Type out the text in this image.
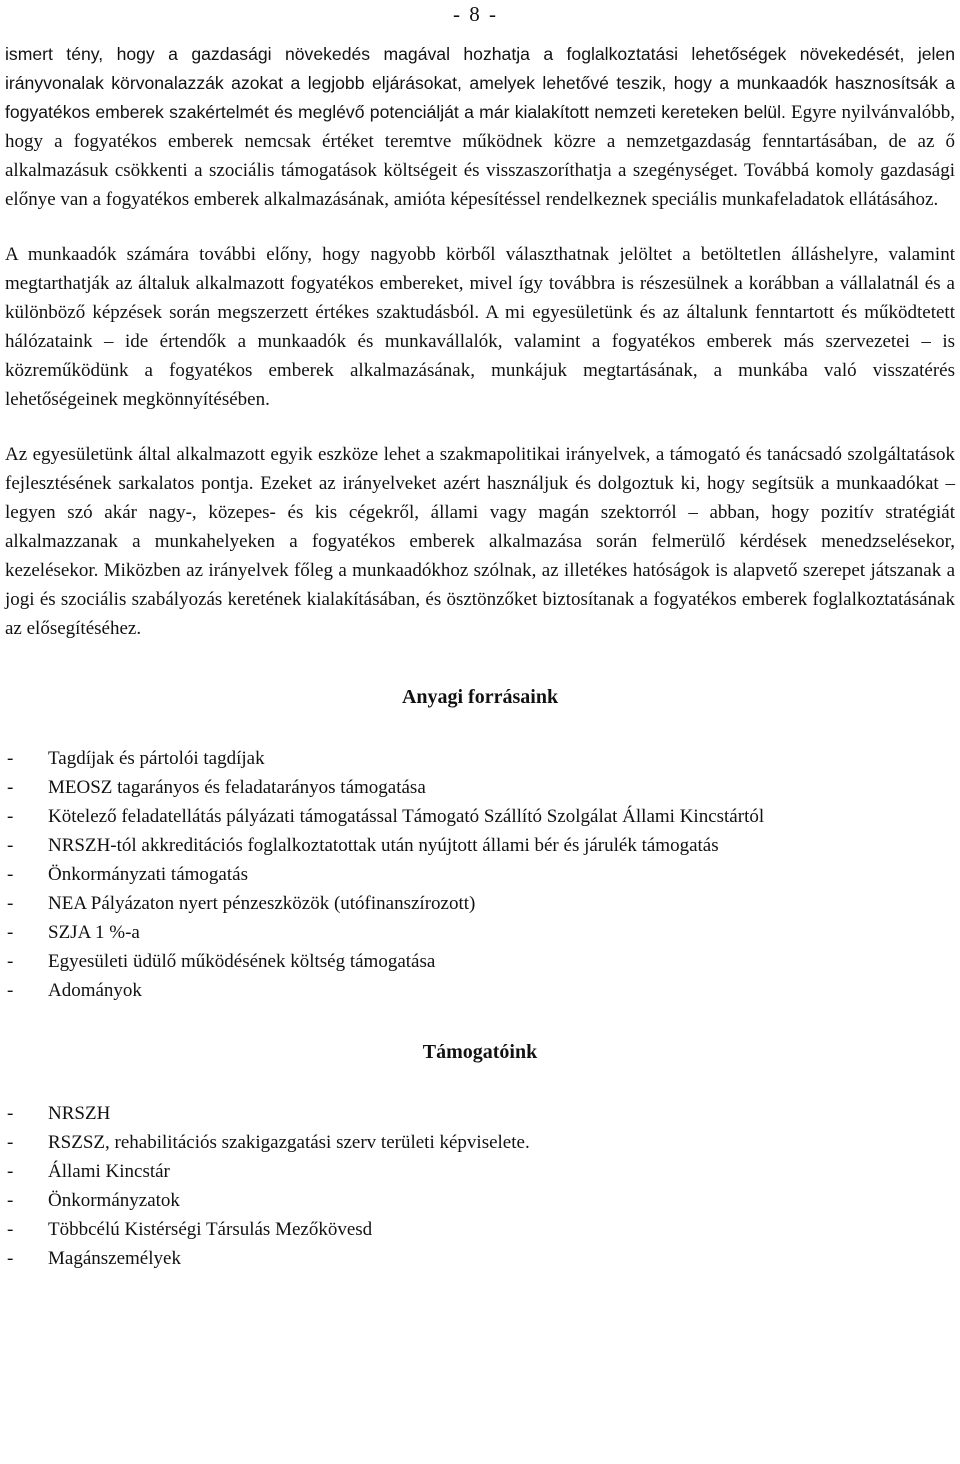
- 8 -

ismert tény, hogy a gazdasági növekedés magával hozhatja a foglalkoztatási lehetőségek növekedését, jelen irányvonalak körvonalazzák azokat a legjobb eljárásokat, amelyek lehetővé teszik, hogy a munkaadók hasznosítsák a fogyatékos emberek szakértelmét és meglévő potenciálját a már kialakított nemzeti kereteken belül. Egyre nyilvánvalóbb, hogy a fogyatékos emberek nemcsak értéket teremtve működnek közre a nemzetgazdaság fenntartásában, de az ő alkalmazásuk csökkenti a szociális támogatások költségeit és visszaszoríthatja a szegénységet. Továbbá komoly gazdasági előnye van a fogyatékos emberek alkalmazásának, amióta képesítéssel rendelkeznek speciális munkafeladatok ellátásához.

A munkaadók számára további előny, hogy nagyobb körből választhatnak jelöltet a betöltetlen álláshelyre, valamint megtarthatják az általuk alkalmazott fogyatékos embereket, mivel így továbbra is részesülnek a korábban a vállalatnál és a különböző képzések során megszerzett értékes szaktudásból. A mi egyesületünk és az általunk fenntartott és működtetett hálózataink – ide értendők a munkaadók és munkavállalók, valamint a fogyatékos emberek más szervezetei – is közreműködünk a fogyatékos emberek alkalmazásának, munkájuk megtartásának, a munkába való visszatérés lehetőségeinek megkönnyítésében.

Az egyesületünk által alkalmazott egyik eszköze lehet a szakmapolitikai irányelvek, a támogató és tanácsadó szolgáltatások fejlesztésének sarkalatos pontja. Ezeket az irányelveket azért használjuk és dolgoztuk ki, hogy segítsük a munkaadókat – legyen szó akár nagy-, közepes- és kis cégekről, állami vagy magán szektorról – abban, hogy pozitív stratégiát alkalmazzanak a munkahelyeken a fogyatékos emberek alkalmazása során felmerülő kérdések menedzselésekor, kezelésekor. Miközben az irányelvek főleg a munkaadókhoz szólnak, az illetékes hatóságok is alapvető szerepet játszanak a jogi és szociális szabályozás keretének kialakításában, és ösztönzőket biztosítanak a fogyatékos emberek foglalkoztatásának az elősegítéséhez.

Anyagi forrásaink
- Tagdíjak és pártolói tagdíjak
- MEOSZ tagarányos és feladatarányos támogatása
- Kötelező feladatellátás pályázati támogatással Támogató Szállító Szolgálat Állami Kincstártól
- NRSZH-tól akkreditációs foglalkoztatottak után nyújtott állami bér és járulék támogatás
- Önkormányzati támogatás
- NEA Pályázaton nyert pénzeszközök (utófinanszírozott)
- SZJA 1 %-a
- Egyesületi üdülő működésének költség támogatása
- Adományok
Támogatóink
- NRSZH
- RSZSZ, rehabilitációs szakigazgatási szerv területi képviselete.
- Állami Kincstár
- Önkormányzatok
- Többcélú Kistérségi Társulás Mezőkövesd
- Magánszemélyek
